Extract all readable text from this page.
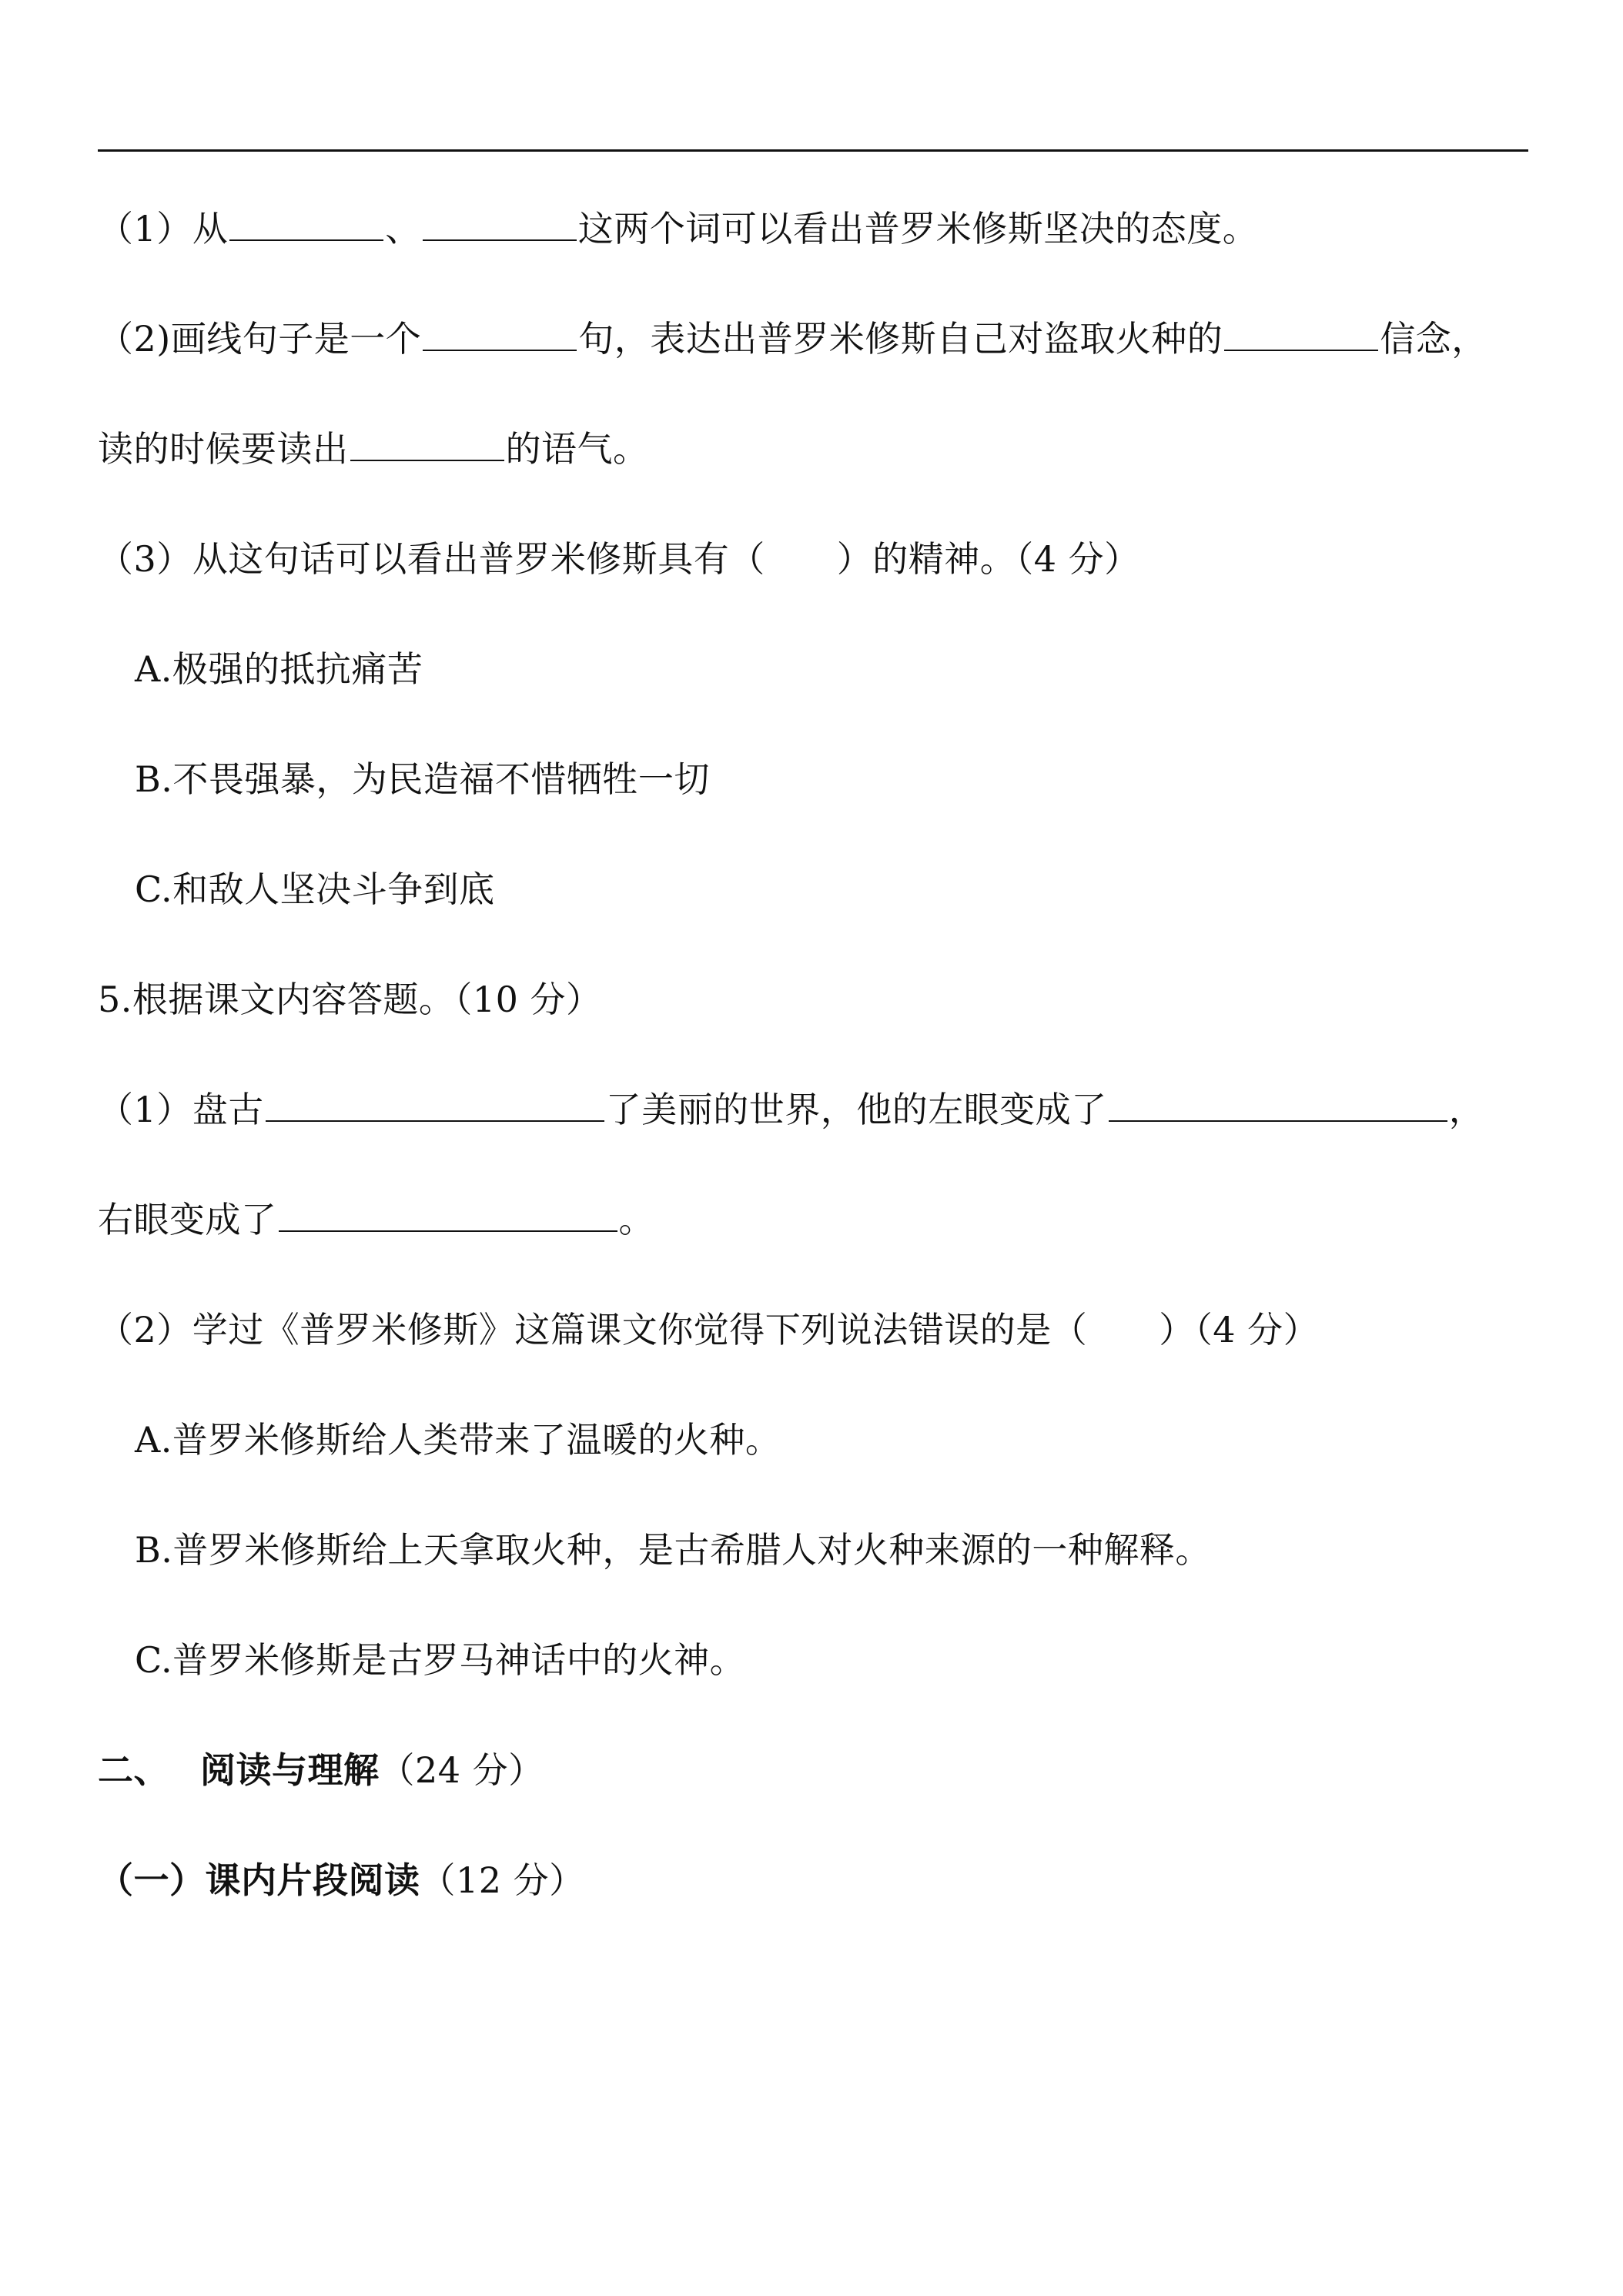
（1）从	、	这两个词可以看出普罗米修斯坚决的态度。
（2)画线句子是一个	句，表达出普罗米修斯自己对盗取火种的	信念，
读的时候要读出	的语气。
（3）从这句话可以看出普罗米修斯具有（　　）的精神。（4 分）
A.极强的抵抗痛苦
B.不畏强暴，为民造福不惜牺牲一切
C.和敌人坚决斗争到底
5.根据课文内容答题。（10 分）
（1）盘古	了美丽的世界，他的左眼变成了	，
右眼变成了	。
（2）学过《普罗米修斯》这篇课文你觉得下列说法错误的是（　　）（4 分）
A.普罗米修斯给人类带来了温暖的火种。
B.普罗米修斯给上天拿取火种，是古希腊人对火种来源的一种解释。
C.普罗米修斯是古罗马神话中的火神。
二、 阅读与理解（24 分）
（一）课内片段阅读（12 分）
